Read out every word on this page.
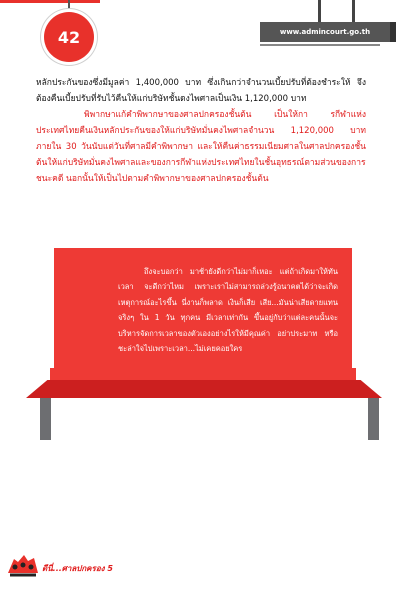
42	www.admincourt.go.th

หลักประกันของซึ่งมีมูลค่า 1,400,000 บาท ซึ่งเกินกว่าจำนวนเบี้ยปรับที่ต้องชำระให้ จึงต้องคืนเบี้ยปรับที่รับไว้คืนให้แก่บริษัทชั้นดงไพศาลเป็นเงิน 1,120,000 บาท

พิพากษาแก้คำพิพากษาของศาลปกครองชั้นต้น เป็นให้กา รกีฬาแห่งประเทศไทยคืนเงินหลักประกันของให้แก่บริษัทมั่นคงไพศาลจำนวน 1,120,000 บาท ภายใน 30 วันนับแต่วันที่ศาลมีคำพิพากษา และให้คืนค่าธรรมเนียมศาลในศาลปกครองชั้นต้นให้แก่บริษัทมั่นคงไพศาลและของการกีฬาแห่งประเทศไทยในชั้นอุทธรณ์ตามส่วนของการชนะคดี นอกนั้นให้เป็นไปตามคำพิพากษาของศาลปกครองชั้นต้น

ถึงจะบอกว่า มาช้ายังดีกว่าไม่มาก็เหอะ แต่ถ้าเกิดมาให้ทันเวลา จะดีกว่าไหม เพราะเราไม่สามารถล่วงรู้อนาคตได้ว่าจะเกิดเหตุการณ์อะไรขึ้น นี่งานก็พลาด เงินก็เสีย เสีย...มันน่าเสียดายแทนจริงๆ ใน 1 วัน ทุกคน มีเวลาเท่ากัน ขึ้นอยู่กับว่าแต่ละคนนั้นจะบริหารจัดการเวลาของตัวเองอย่างไรให้มีคุณค่า อย่าประมาท หรือชะล่าใจไปเพราะเวลา...ไม่เคยคอยใคร

ดีนี่...ศาลปกครอง 5
